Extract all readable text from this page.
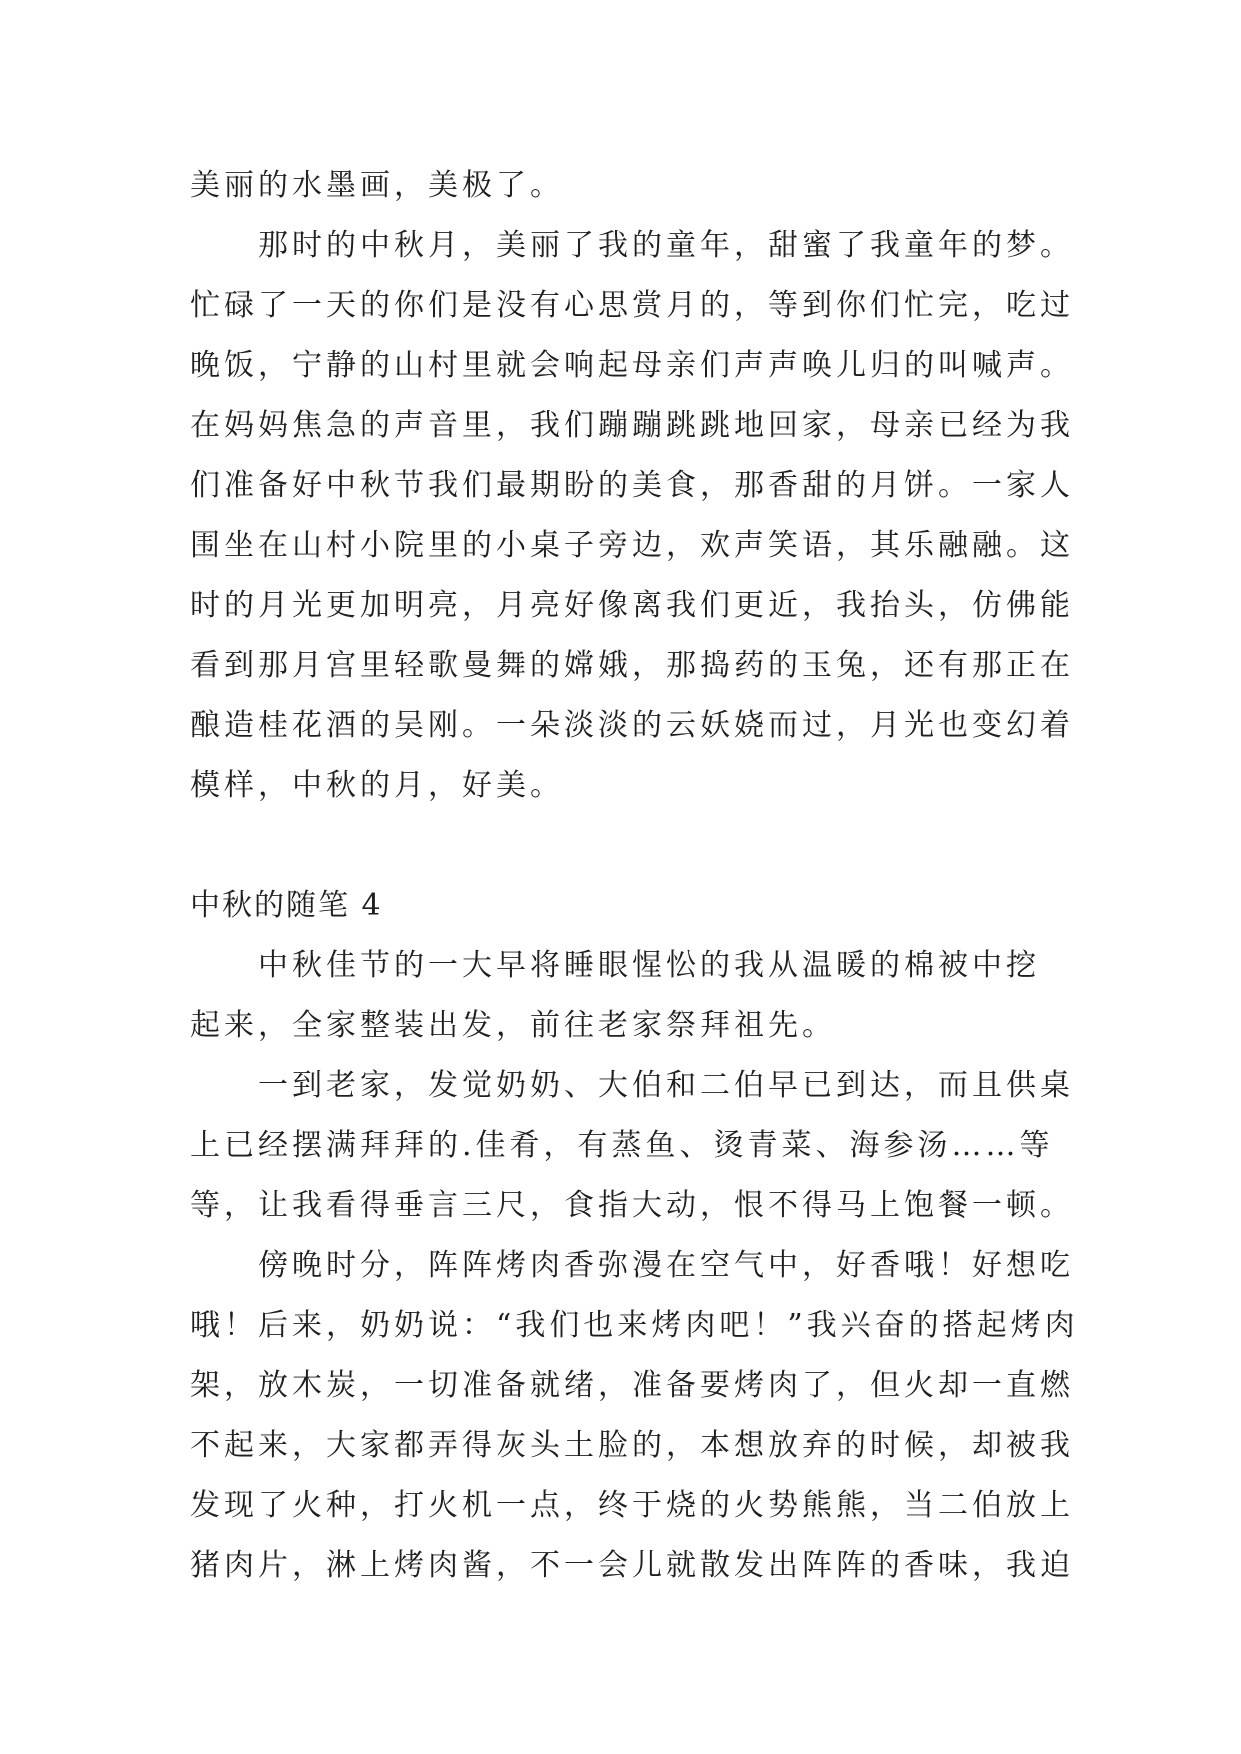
美丽的水墨画，美极了。
那时的中秋月，美丽了我的童年，甜蜜了我童年的梦。
忙碌了一天的你们是没有心思赏月的，等到你们忙完，吃过
晚饭，宁静的山村里就会响起母亲们声声唤儿归的叫喊声。
在妈妈焦急的声音里，我们蹦蹦跳跳地回家，母亲已经为我
们准备好中秋节我们最期盼的美食，那香甜的月饼。一家人
围坐在山村小院里的小桌子旁边，欢声笑语，其乐融融。这
时的月光更加明亮，月亮好像离我们更近，我抬头，仿佛能
看到那月宫里轻歌曼舞的嫦娥，那捣药的玉兔，还有那正在
酿造桂花酒的吴刚。一朵淡淡的云妖娆而过，月光也变幻着
模样，中秋的月，好美。
中秋的随笔 4
中秋佳节的一大早将睡眼惺忪的我从温暖的棉被中挖
起来，全家整装出发，前往老家祭拜祖先。
一到老家，发觉奶奶、大伯和二伯早已到达，而且供桌
上已经摆满拜拜的.佳肴，有蒸鱼、烫青菜、海参汤……等
等，让我看得垂言三尺，食指大动，恨不得马上饱餐一顿。
傍晚时分，阵阵烤肉香弥漫在空气中，好香哦！好想吃
哦！后来，奶奶说：“我们也来烤肉吧！”我兴奋的搭起烤肉
架，放木炭，一切准备就绪，准备要烤肉了，但火却一直燃
不起来，大家都弄得灰头土脸的，本想放弃的时候，却被我
发现了火种，打火机一点，终于烧的火势熊熊，当二伯放上
猪肉片，淋上烤肉酱，不一会儿就散发出阵阵的香味，我迫
